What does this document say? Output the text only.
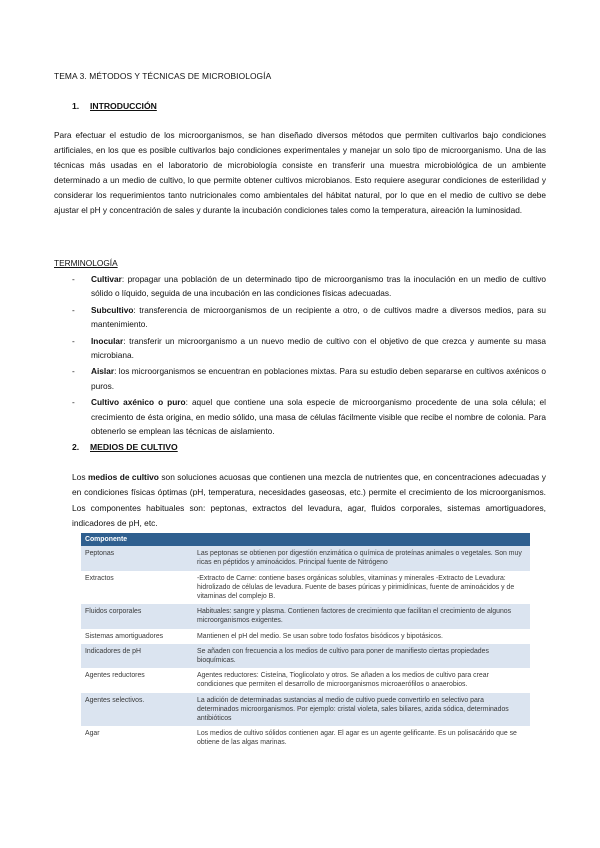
TEMA 3. MÉTODOS Y TÉCNICAS DE MICROBIOLOGÍA
1. INTRODUCCIÓN

Para efectuar el estudio de los microorganismos, se han diseñado diversos métodos que permiten cultivarlos bajo condiciones artificiales, en los que es posible cultivarlos bajo condiciones experimentales y manejar un solo tipo de microorganismo. Una de las técnicas más usadas en el laboratorio de microbiología consiste en transferir una muestra microbiológica de un ambiente determinado a un medio de cultivo, lo que permite obtener cultivos microbianos. Esto requiere asegurar condiciones de esterilidad y considerar los requerimientos tanto nutricionales como ambientales del hábitat natural, por lo que en el medio de cultivo se debe ajustar el pH y concentración de sales y durante la incubación condiciones tales como la temperatura, aireación la luminosidad.

TERMINOLOGÍA
- Cultivar: propagar una población de un determinado tipo de microorganismo tras la inoculación en un medio de cultivo sólido o líquido, seguida de una incubación en las condiciones físicas adecuadas.
- Subcultivo: transferencia de microorganismos de un recipiente a otro, o de cultivos madre a diversos medios, para su mantenimiento.
- Inocular: transferir un microorganismo a un nuevo medio de cultivo con el objetivo de que crezca y aumente su masa microbiana.
- Aislar: los microorganismos se encuentran en poblaciones mixtas. Para su estudio deben separarse en cultivos axénicos o puros.
- Cultivo axénico o puro: aquel que contiene una sola especie de microorganismo procedente de una sola célula; el crecimiento de ésta origina, en medio sólido, una masa de células fácilmente visible que recibe el nombre de colonia. Para obtenerlo se emplean las técnicas de aislamiento.
2. MEDIOS DE CULTIVO
Los medios de cultivo son soluciones acuosas que contienen una mezcla de nutrientes que, en concentraciones adecuadas y en condiciones físicas óptimas (pH, temperatura, necesidades gaseosas, etc.) permite el crecimiento de los microorganismos. Los componentes habituales son: peptonas, extractos del levadura, agar, fluidos corporales, sistemas amortiguadores, indicadores de pH, etc.
Componente	
Peptonas	Las peptonas se obtienen por digestión enzimática o química de proteínas animales o vegetales. Son muy ricas en péptidos y aminoácidos. Principal fuente de Nitrógeno
Extractos	-Extracto de Carne: contiene bases orgánicas solubles, vitaminas y minerales -Extracto de Levadura: hidrolizado de células de levadura. Fuente de bases púricas y pirimidínicas, fuente de aminoácidos y de vitaminas del complejo B.
Fluidos corporales	Habituales: sangre y plasma. Contienen factores de crecimiento que facilitan el crecimiento de algunos microorganismos exigentes.
Sistemas amortiguadores	Mantienen el pH del medio. Se usan sobre todo fosfatos bisódicos y bipotásicos.
Indicadores de pH	Se añaden con frecuencia a los medios de cultivo para poner de manifiesto ciertas propiedades bioquímicas.
Agentes reductores	Agentes reductores: Cisteína, Tioglicolato y otros. Se añaden a los medios de cultivo para crear condiciones que permiten el desarrollo de microorganismos microaerófilos o anaerobios.
Agentes selectivos.	La adición de determinadas sustancias al medio de cultivo puede convertirlo en selectivo para determinados microorganismos. Por ejemplo: cristal violeta, sales biliares, azida sódica, determinados antibióticos
Agar	Los medios de cultivo sólidos contienen agar. El agar es un agente gelificante. Es un polisacárido que se obtiene de las algas marinas.
